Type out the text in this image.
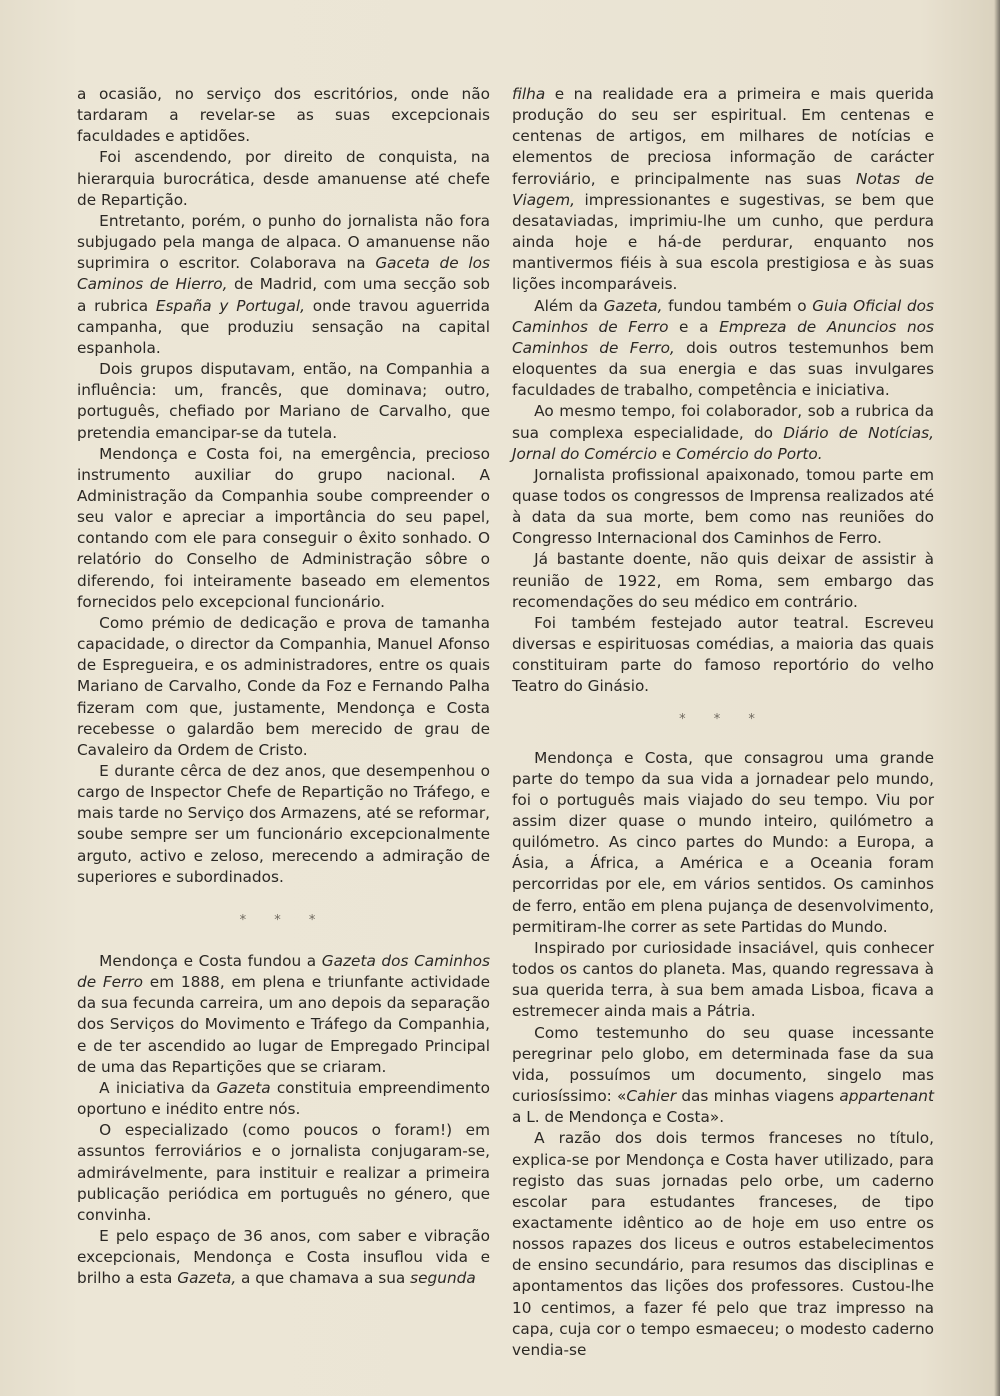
a ocasião, no serviço dos escritórios, onde não tardaram a revelar-se as suas excepcionais faculdades e aptidões.

Foi ascendendo, por direito de conquista, na hierarquia burocrática, desde amanuense até chefe de Repartição.

Entretanto, porém, o punho do jornalista não fora subjugado pela manga de alpaca. O amanuense não suprimira o escritor. Colaborava na Gaceta de los Caminos de Hierro, de Madrid, com uma secção sob a rubrica España y Portugal, onde travou aguerrida campanha, que produziu sensação na capital espanhola.

Dois grupos disputavam, então, na Companhia a influência: um, francês, que dominava; outro, português, chefiado por Mariano de Carvalho, que pretendia emancipar-se da tutela.

Mendonça e Costa foi, na emergência, precioso instrumento auxiliar do grupo nacional. A Administração da Companhia soube compreender o seu valor e apreciar a importância do seu papel, contando com ele para conseguir o êxito sonhado. O relatório do Conselho de Administração sôbre o diferendo, foi inteiramente baseado em elementos fornecidos pelo excepcional funcionário.

Como prémio de dedicação e prova de tamanha capacidade, o director da Companhia, Manuel Afonso de Espregueira, e os administradores, entre os quais Mariano de Carvalho, Conde da Foz e Fernando Palha fizeram com que, justamente, Mendonça e Costa recebesse o galardão bem merecido de grau de Cavaleiro da Ordem de Cristo.

E durante cêrca de dez anos, que desempenhou o cargo de Inspector Chefe de Repartição no Tráfego, e mais tarde no Serviço dos Armazens, até se reformar, soube sempre ser um funcionário excepcionalmente arguto, activo e zeloso, merecendo a admiração de superiores e subordinados.

* * *

Mendonça e Costa fundou a Gazeta dos Caminhos de Ferro em 1888, em plena e triunfante actividade da sua fecunda carreira, um ano depois da separação dos Serviços do Movimento e Tráfego da Companhia, e de ter ascendido ao lugar de Empregado Principal de uma das Repartições que se criaram.

A iniciativa da Gazeta constituia empreendimento oportuno e inédito entre nós.

O especializado (como poucos o foram!) em assuntos ferroviários e o jornalista conjugaram-se, admirávelmente, para instituir e realizar a primeira publicação periódica em português no género, que convinha.

E pelo espaço de 36 anos, com saber e vibração excepcionais, Mendonça e Costa insuflou vida e brilho a esta Gazeta, a que chamava a sua segunda

filha e na realidade era a primeira e mais querida produção do seu ser espiritual. Em centenas e centenas de artigos, em milhares de notícias e elementos de preciosa informação de carácter ferroviário, e principalmente nas suas Notas de Viagem, impressionantes e sugestivas, se bem que desataviadas, imprimiu-lhe um cunho, que perdura ainda hoje e há-de perdurar, enquanto nos mantivermos fiéis à sua escola prestigiosa e às suas lições incomparáveis.

Além da Gazeta, fundou também o Guia Oficial dos Caminhos de Ferro e a Empreza de Anuncios nos Caminhos de Ferro, dois outros testemunhos bem eloquentes da sua energia e das suas invulgares faculdades de trabalho, competência e iniciativa.

Ao mesmo tempo, foi colaborador, sob a rubrica da sua complexa especialidade, do Diário de Notícias, Jornal do Comércio e Comércio do Porto.

Jornalista profissional apaixonado, tomou parte em quase todos os congressos de Imprensa realizados até à data da sua morte, bem como nas reuniões do Congresso Internacional dos Caminhos de Ferro.

Já bastante doente, não quis deixar de assistir à reunião de 1922, em Roma, sem embargo das recomendações do seu médico em contrário.

Foi também festejado autor teatral. Escreveu diversas e espirituosas comédias, a maioria das quais constituiram parte do famoso reportório do velho Teatro do Ginásio.

* * *

Mendonça e Costa, que consagrou uma grande parte do tempo da sua vida a jornadear pelo mundo, foi o português mais viajado do seu tempo. Viu por assim dizer quase o mundo inteiro, quilómetro a quilómetro. As cinco partes do Mundo: a Europa, a Ásia, a África, a América e a Oceania foram percorridas por ele, em vários sentidos. Os caminhos de ferro, então em plena pujança de desenvolvimento, permitiram-lhe correr as sete Partidas do Mundo.

Inspirado por curiosidade insaciável, quis conhecer todos os cantos do planeta. Mas, quando regressava à sua querida terra, à sua bem amada Lisboa, ficava a estremecer ainda mais a Pátria.

Como testemunho do seu quase incessante peregrinar pelo globo, em determinada fase da sua vida, possuímos um documento, singelo mas curiosíssimo: «Cahier das minhas viagens appartenant a L. de Mendonça e Costa».

A razão dos dois termos franceses no título, explica-se por Mendonça e Costa haver utilizado, para registo das suas jornadas pelo orbe, um caderno escolar para estudantes franceses, de tipo exactamente idêntico ao de hoje em uso entre os nossos rapazes dos liceus e outros estabelecimentos de ensino secundário, para resumos das disciplinas e apontamentos das lições dos professores. Custou-lhe 10 centimos, a fazer fé pelo que traz impresso na capa, cuja cor o tempo esmaeceu; o modesto caderno vendia-se
